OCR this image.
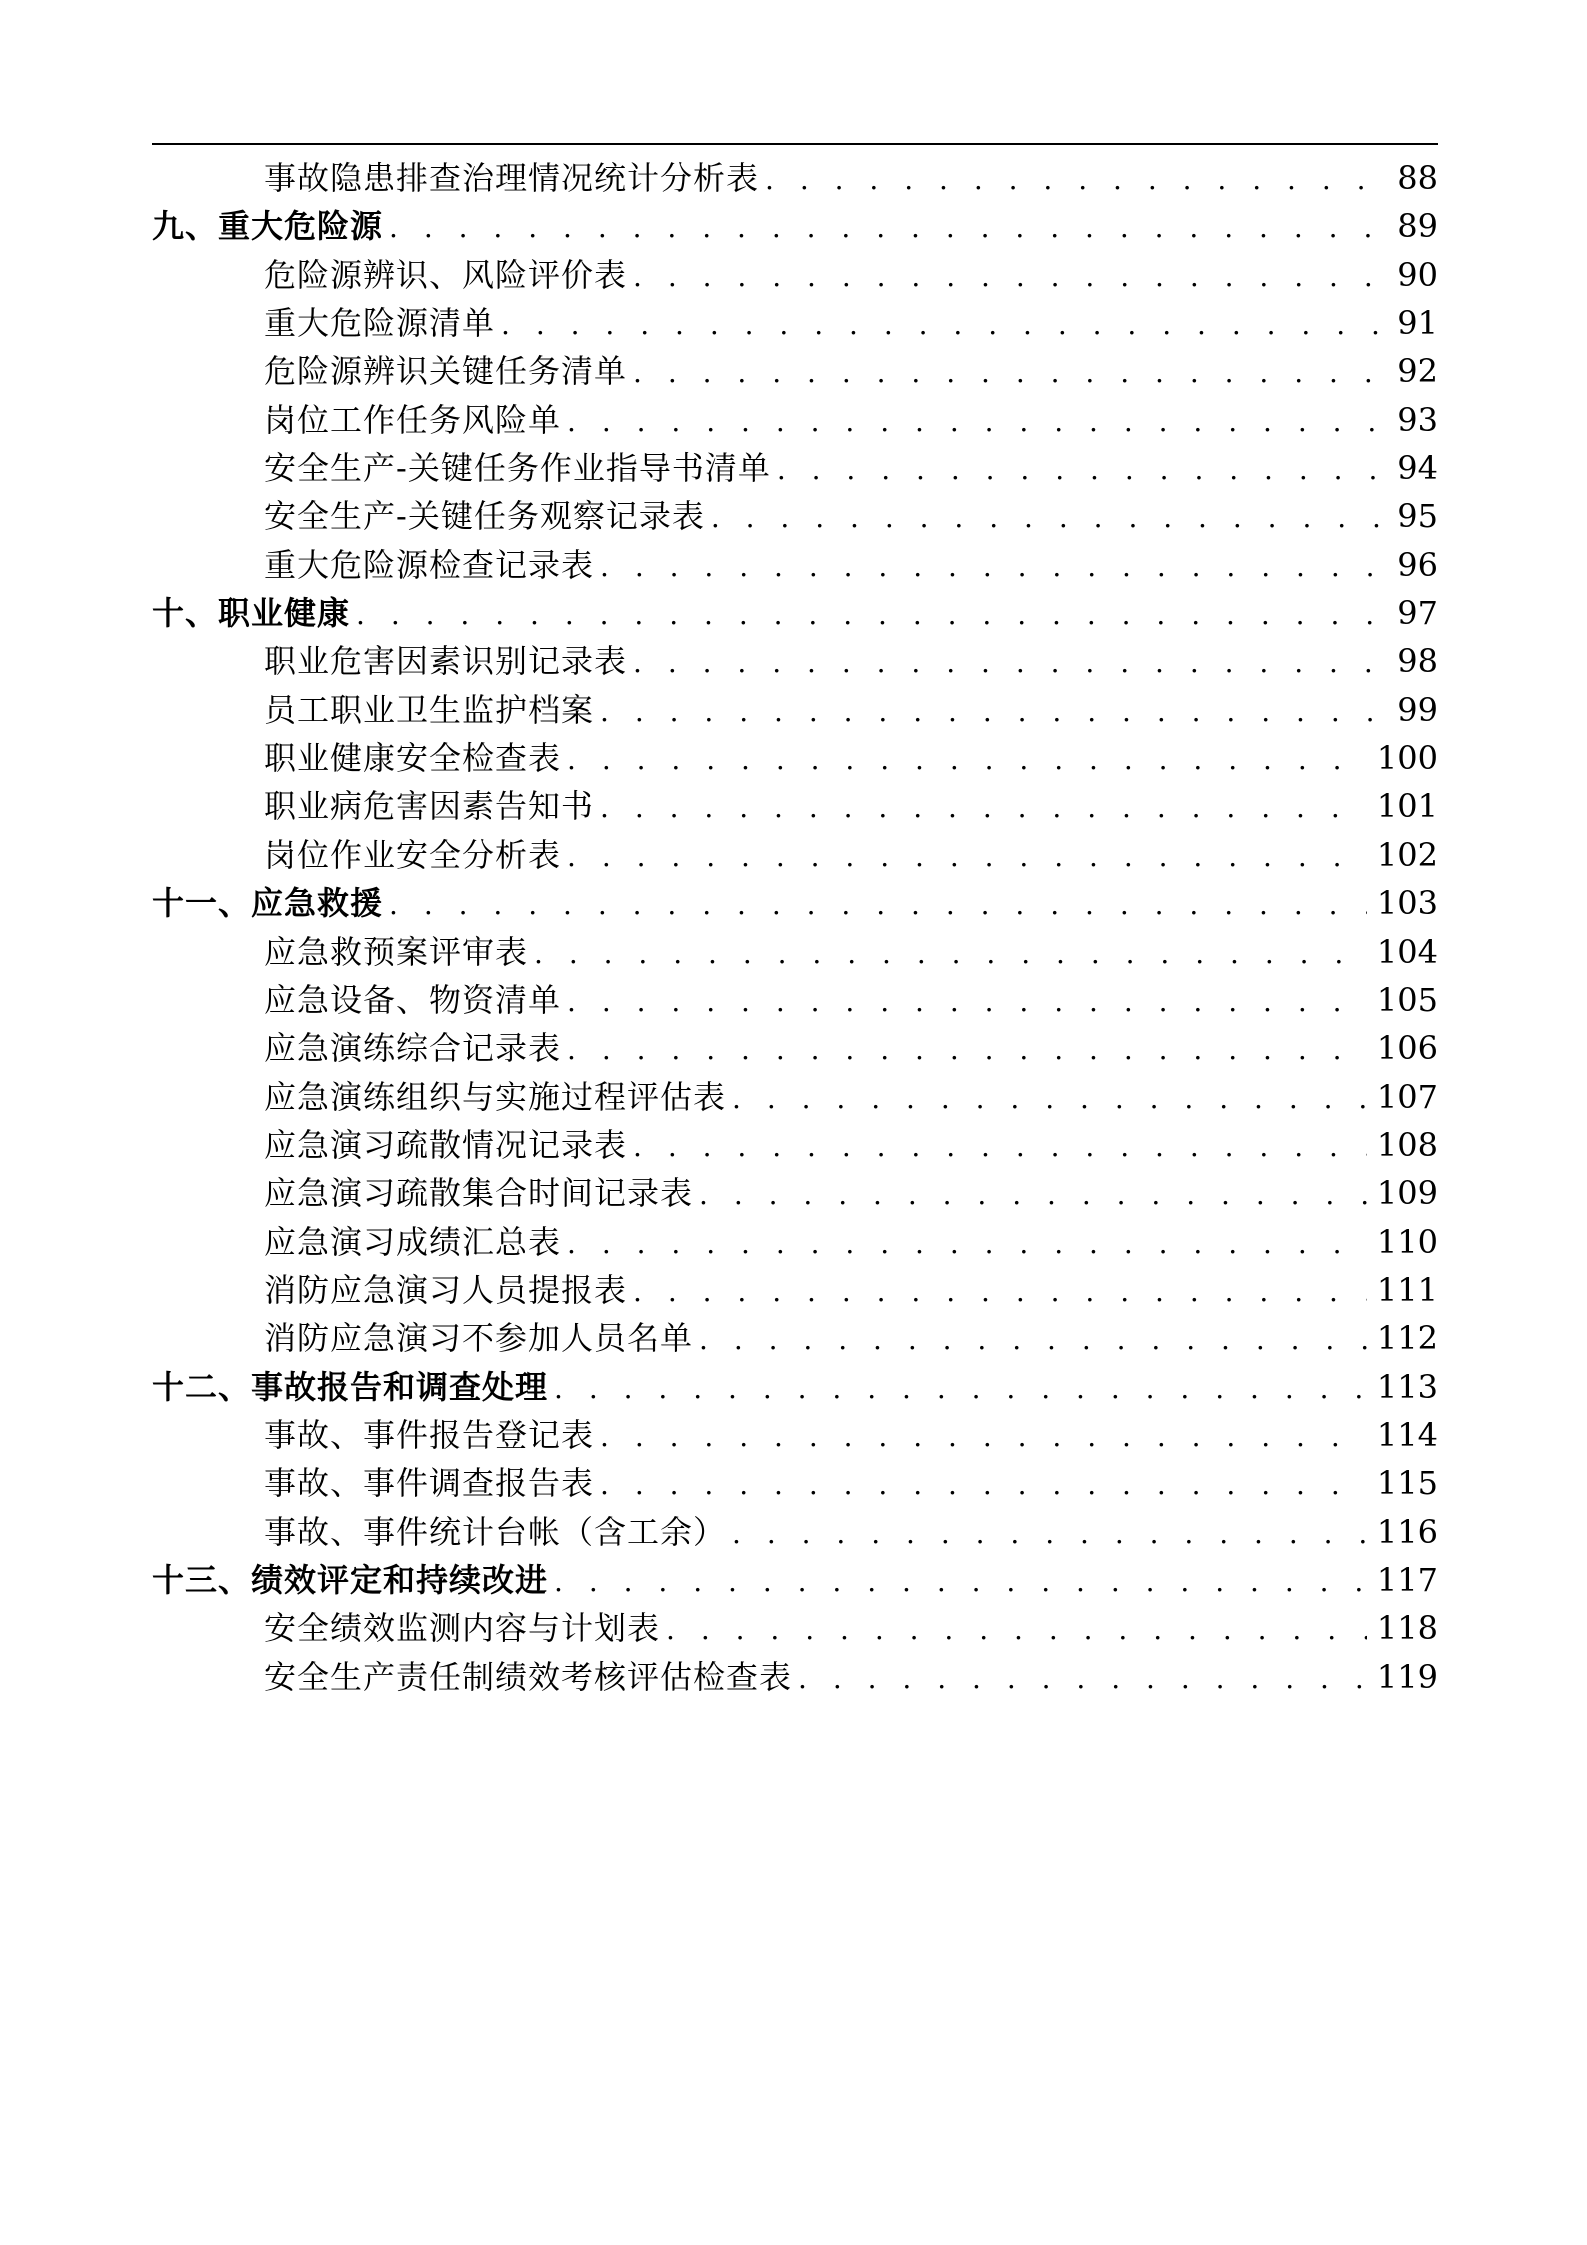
事故隐患排查治理情况统计分析表 . . .	88
九、重大危险源 . . .	89
危险源辨识、风险评价表 . . .	90
重大危险源清单 . . .	91
危险源辨识关键任务清单 . . .	92
岗位工作任务风险单 . . .	93
安全生产-关键任务作业指导书清单 . . .	94
安全生产-关键任务观察记录表 . . .	95
重大危险源检查记录表 . . .	96
十、职业健康 . . .	97
职业危害因素识别记录表 . . .	98
员工职业卫生监护档案 . . .	99
职业健康安全检查表 . . .	100
职业病危害因素告知书 . . .	101
岗位作业安全分析表 . . .	102
十一、应急救援 . . .	103
应急救预案评审表 . . .	104
应急设备、物资清单 . . .	105
应急演练综合记录表 . . .	106
应急演练组织与实施过程评估表 . . .	107
应急演习疏散情况记录表 . . .	108
应急演习疏散集合时间记录表 . . .	109
应急演习成绩汇总表 . . .	110
消防应急演习人员提报表 . . .	111
消防应急演习不参加人员名单 . . .	112
十二、事故报告和调查处理 . . .	113
事故、事件报告登记表 . . .	114
事故、事件调查报告表 . . .	115
事故、事件统计台帐（含工余） . . .	116
十三、绩效评定和持续改进 . . .	117
安全绩效监测内容与计划表 . . .	118
安全生产责任制绩效考核评估检查表 . . .	119
